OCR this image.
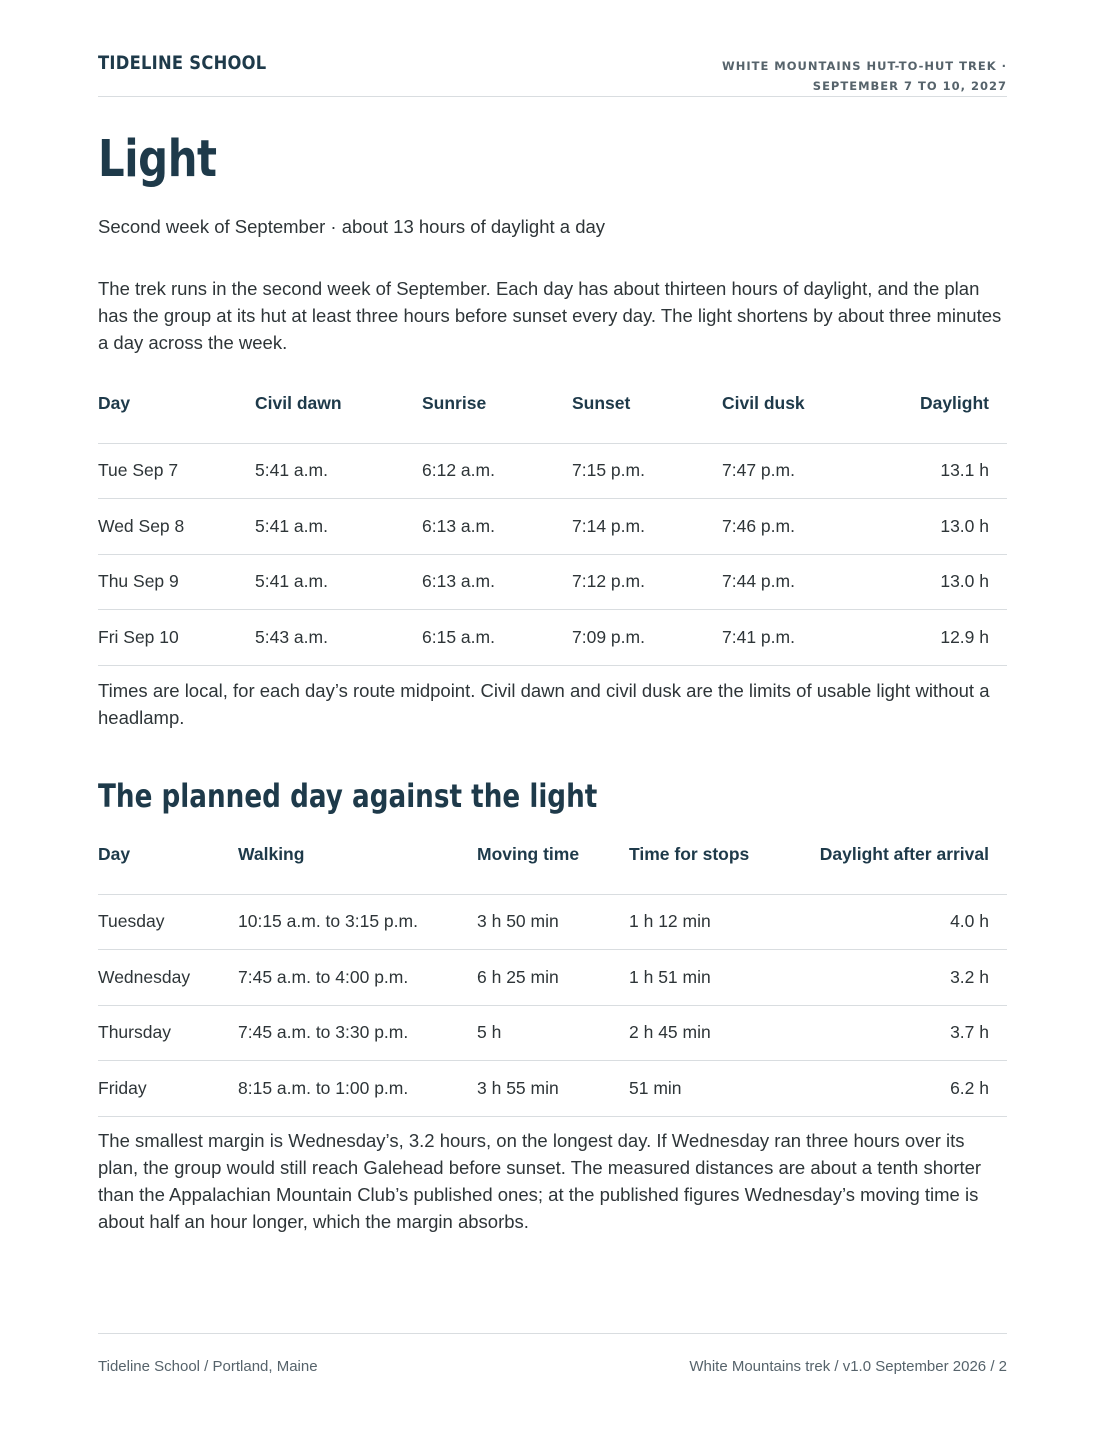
TIDELINE SCHOOL	WHITE MOUNTAINS HUT-TO-HUT TREK ·
SEPTEMBER 7 TO 10, 2027
Light

Second week of September · about 13 hours of daylight a day

The trek runs in the second week of September. Each day has about thirteen hours of daylight, and the plan has the group at its hut at least three hours before sunset every day. The light shortens by about three minutes a day across the week.

Day	Civil dawn	Sunrise	Sunset	Civil dusk	Daylight
Tue Sep 7	5:41 a.m.	6:12 a.m.	7:15 p.m.	7:47 p.m.	13.1 h
Wed Sep 8	5:41 a.m.	6:13 a.m.	7:14 p.m.	7:46 p.m.	13.0 h
Thu Sep 9	5:41 a.m.	6:13 a.m.	7:12 p.m.	7:44 p.m.	13.0 h
Fri Sep 10	5:43 a.m.	6:15 a.m.	7:09 p.m.	7:41 p.m.	12.9 h

Times are local, for each day’s route midpoint. Civil dawn and civil dusk are the limits of usable light without a headlamp.

The planned day against the light
Day	Walking	Moving time	Time for stops	Daylight after arrival
Tuesday	10:15 a.m. to 3:15 p.m.	3 h 50 min	1 h 12 min	4.0 h
Wednesday	7:45 a.m. to 4:00 p.m.	6 h 25 min	1 h 51 min	3.2 h
Thursday	7:45 a.m. to 3:30 p.m.	5 h	2 h 45 min	3.7 h
Friday	8:15 a.m. to 1:00 p.m.	3 h 55 min	51 min	6.2 h

The smallest margin is Wednesday’s, 3.2 hours, on the longest day. If Wednesday ran three hours over its plan, the group would still reach Galehead before sunset. The measured distances are about a tenth shorter than the Appalachian Mountain Club’s published ones; at the published figures Wednesday’s moving time is about half an hour longer, which the margin absorbs.

Tideline School / Portland, Maine	White Mountains trek / v1.0 September 2026 / 2
